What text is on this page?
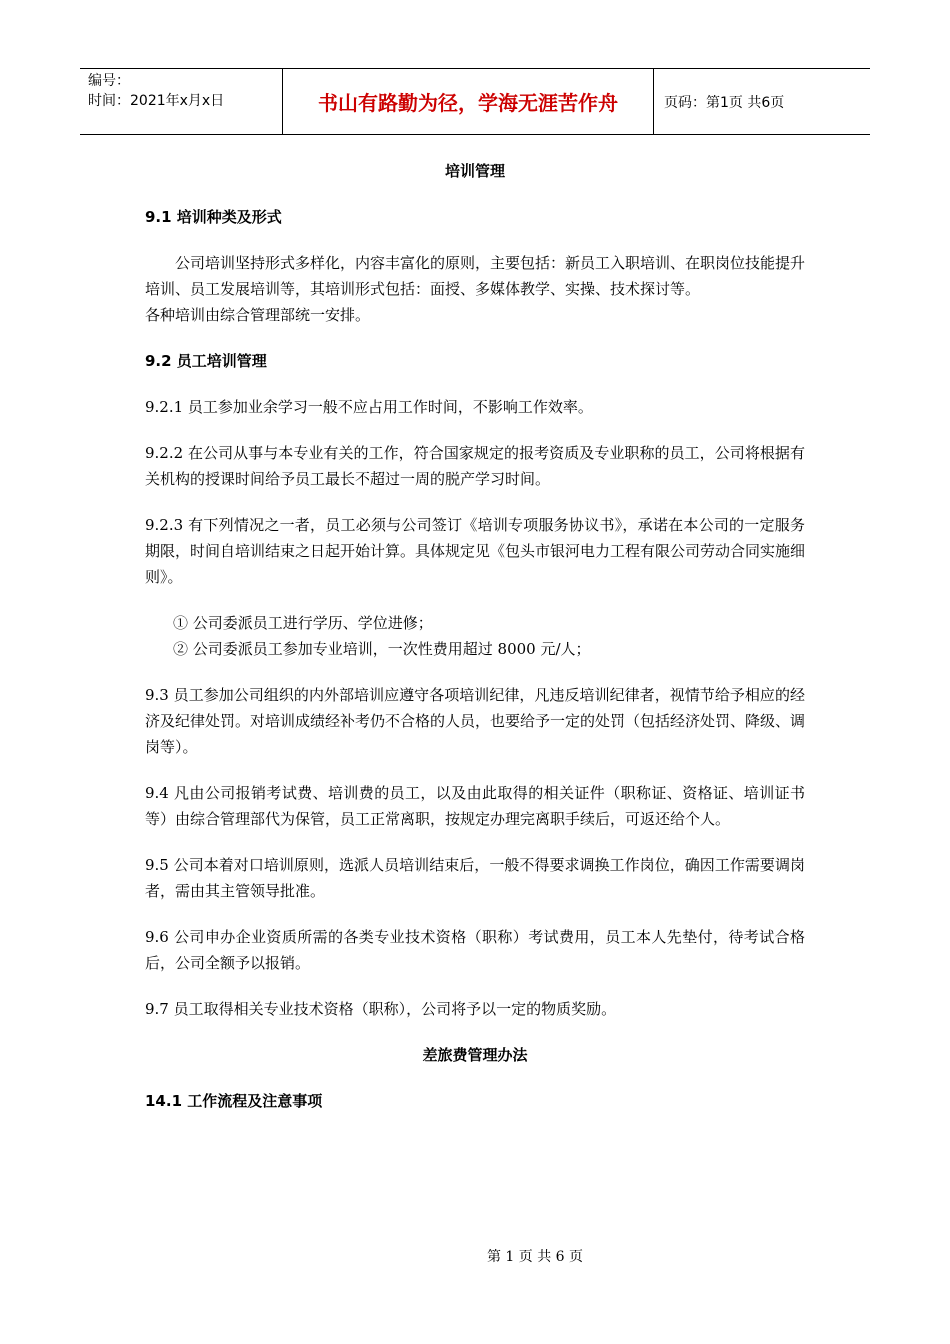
编号：
时间：2021年x月x日	书山有路勤为径，学海无涯苦作舟	页码：第1页 共6页
培训管理
9.1 培训种类及形式

公司培训坚持形式多样化，内容丰富化的原则，主要包括：新员工入职培训、在职岗位技能提升培训、员工发展培训等，其培训形式包括：面授、多媒体教学、实操、技术探讨等。

各种培训由综合管理部统一安排。

9.2 员工培训管理

9.2.1 员工参加业余学习一般不应占用工作时间，不影响工作效率。

9.2.2 在公司从事与本专业有关的工作，符合国家规定的报考资质及专业职称的员工，公司将根据有关机构的授课时间给予员工最长不超过一周的脱产学习时间。

9.2.3 有下列情况之一者，员工必须与公司签订《培训专项服务协议书》，承诺在本公司的一定服务期限，时间自培训结束之日起开始计算。具体规定见《包头市银河电力工程有限公司劳动合同实施细则》。

① 公司委派员工进行学历、学位进修；

② 公司委派员工参加专业培训，一次性费用超过 8000 元/人；

9.3 员工参加公司组织的内外部培训应遵守各项培训纪律，凡违反培训纪律者，视情节给予相应的经济及纪律处罚。对培训成绩经补考仍不合格的人员，也要给予一定的处罚（包括经济处罚、降级、调岗等）。

9.4 凡由公司报销考试费、培训费的员工，以及由此取得的相关证件（职称证、资格证、培训证书等）由综合管理部代为保管，员工正常离职，按规定办理完离职手续后，可返还给个人。

9.5 公司本着对口培训原则，选派人员培训结束后，一般不得要求调换工作岗位，确因工作需要调岗者，需由其主管领导批准。

9.6 公司申办企业资质所需的各类专业技术资格（职称）考试费用，员工本人先垫付，待考试合格后，公司全额予以报销。

9.7 员工取得相关专业技术资格（职称），公司将予以一定的物质奖励。

差旅费管理办法
14.1 工作流程及注意事项
第 1 页 共 6 页
